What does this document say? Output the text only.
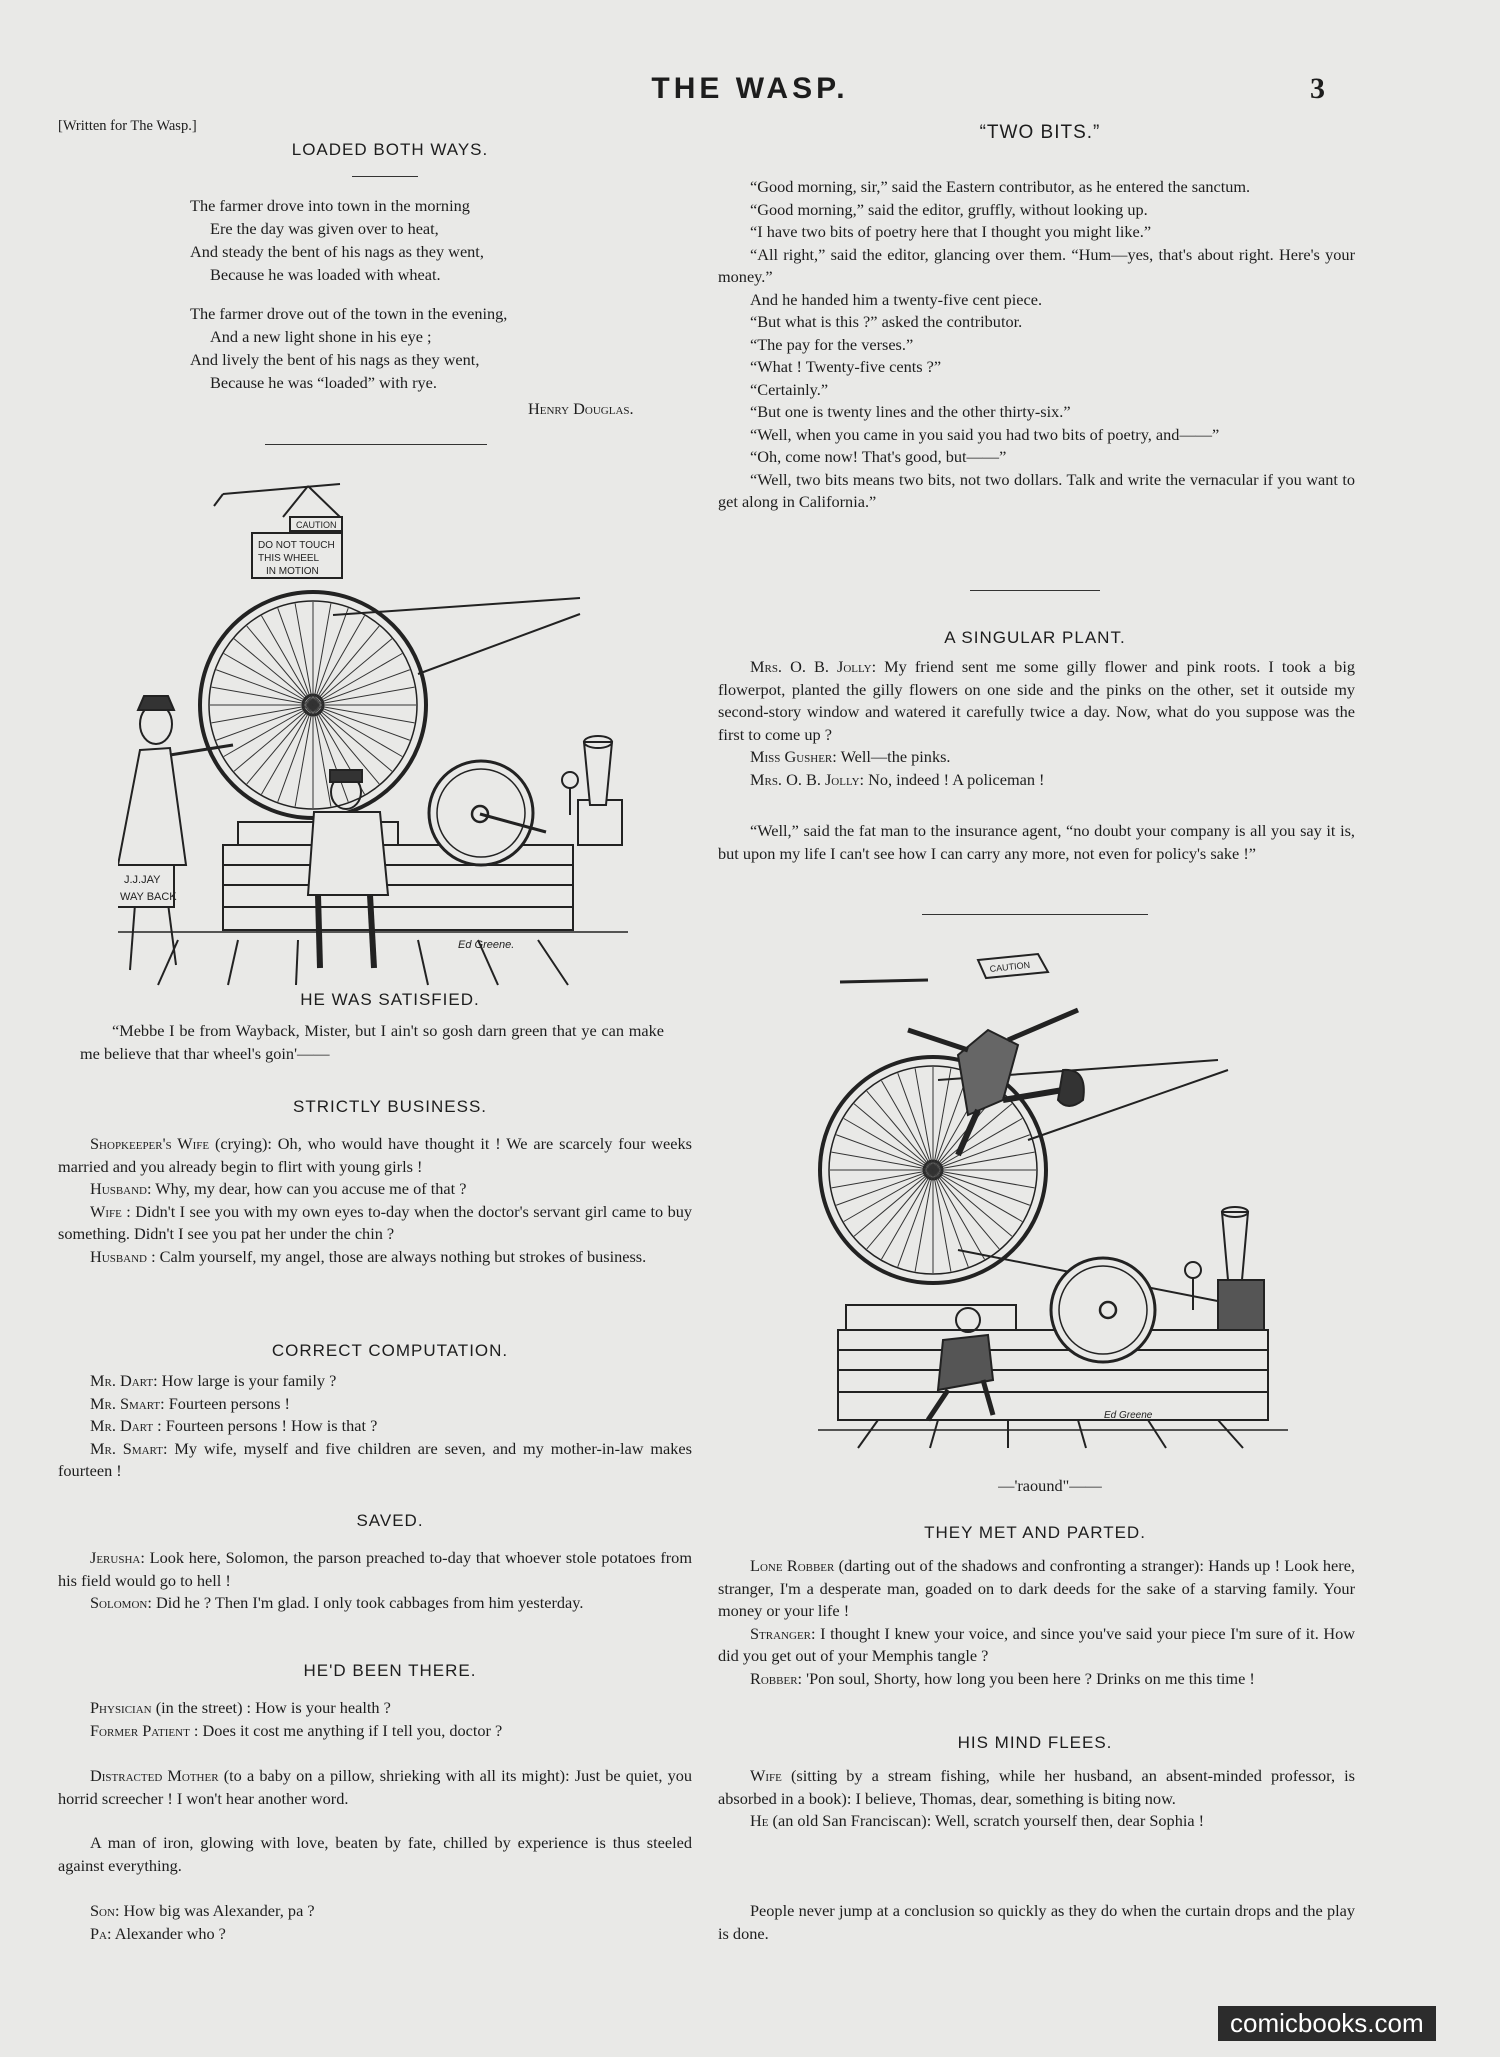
THE WASP.	3
[Written for The Wasp.]
LOADED BOTH WAYS.
The farmer drove into town in the morning
Ere the day was given over to heat,
And steady the bent of his nags as they went,
Because he was loaded with wheat.
The farmer drove out of the town in the evening,
And a new light shone in his eye ;
And lively the bent of his nags as they went,
Because he was “loaded” with rye.
Henry Douglas.
CAUTION
DO NOT TOUCH
THIS WHEEL
IN MOTION
J.J.JAY
WAY BACK
Ed Greene.
HE WAS SATISFIED.

“Mebbe I be from Wayback, Mister, but I ain't so gosh darn green that ye can make me believe that thar wheel's goin'——

STRICTLY BUSINESS.

Shopkeeper's Wife (crying): Oh, who would have thought it ! We are scarcely four weeks married and you already begin to flirt with young girls !

Husband: Why, my dear, how can you accuse me of that ?

Wife : Didn't I see you with my own eyes to-day when the doctor's servant girl came to buy something. Didn't I see you pat her under the chin ?

Husband : Calm yourself, my angel, those are always nothing but strokes of business.

CORRECT COMPUTATION.

Mr. Dart: How large is your family ?

Mr. Smart: Fourteen persons !

Mr. Dart : Fourteen persons ! How is that ?

Mr. Smart: My wife, myself and five children are seven, and my mother-in-law makes fourteen !

SAVED.

Jerusha: Look here, Solomon, the parson preached to-day that whoever stole potatoes from his field would go to hell !

Solomon: Did he ? Then I'm glad. I only took cabbages from him yesterday.

HE'D BEEN THERE.

Physician (in the street) : How is your health ?

Former Patient : Does it cost me anything if I tell you, doctor ?

Distracted Mother (to a baby on a pillow, shrieking with all its might): Just be quiet, you horrid screecher ! I won't hear another word.

A man of iron, glowing with love, beaten by fate, chilled by experience is thus steeled against everything.

Son: How big was Alexander, pa ?

Pa: Alexander who ?

“TWO BITS.”

“Good morning, sir,” said the Eastern contributor, as he entered the sanctum.

“Good morning,” said the editor, gruffly, without looking up.

“I have two bits of poetry here that I thought you might like.”

“All right,” said the editor, glancing over them. “Hum—yes, that's about right. Here's your money.”

And he handed him a twenty-five cent piece.

“But what is this ?” asked the contributor.

“The pay for the verses.”

“What ! Twenty-five cents ?”

“Certainly.”

“But one is twenty lines and the other thirty-six.”

“Well, when you came in you said you had two bits of poetry, and——”

“Oh, come now! That's good, but——”

“Well, two bits means two bits, not two dollars. Talk and write the vernacular if you want to get along in California.”

A SINGULAR PLANT.

Mrs. O. B. Jolly: My friend sent me some gilly flower and pink roots. I took a big flowerpot, planted the gilly flowers on one side and the pinks on the other, set it outside my second-story window and watered it carefully twice a day. Now, what do you suppose was the first to come up ?

Miss Gusher: Well—the pinks.

Mrs. O. B. Jolly: No, indeed ! A policeman !

“Well,” said the fat man to the insurance agent, “no doubt your company is all you say it is, but upon my life I can't see how I can carry any more, not even for policy's sake !”

CAUTION
Ed Greene
—'raound"——
THEY MET AND PARTED.

Lone Robber (darting out of the shadows and confronting a stranger): Hands up ! Look here, stranger, I'm a desperate man, goaded on to dark deeds for the sake of a starving family. Your money or your life !

Stranger: I thought I knew your voice, and since you've said your piece I'm sure of it. How did you get out of your Memphis tangle ?

Robber: 'Pon soul, Shorty, how long you been here ? Drinks on me this time !

HIS MIND FLEES.

Wife (sitting by a stream fishing, while her husband, an absent-minded professor, is absorbed in a book): I believe, Thomas, dear, something is biting now.

He (an old San Franciscan): Well, scratch yourself then, dear Sophia !

People never jump at a conclusion so quickly as they do when the curtain drops and the play is done.

comicbooks.com
